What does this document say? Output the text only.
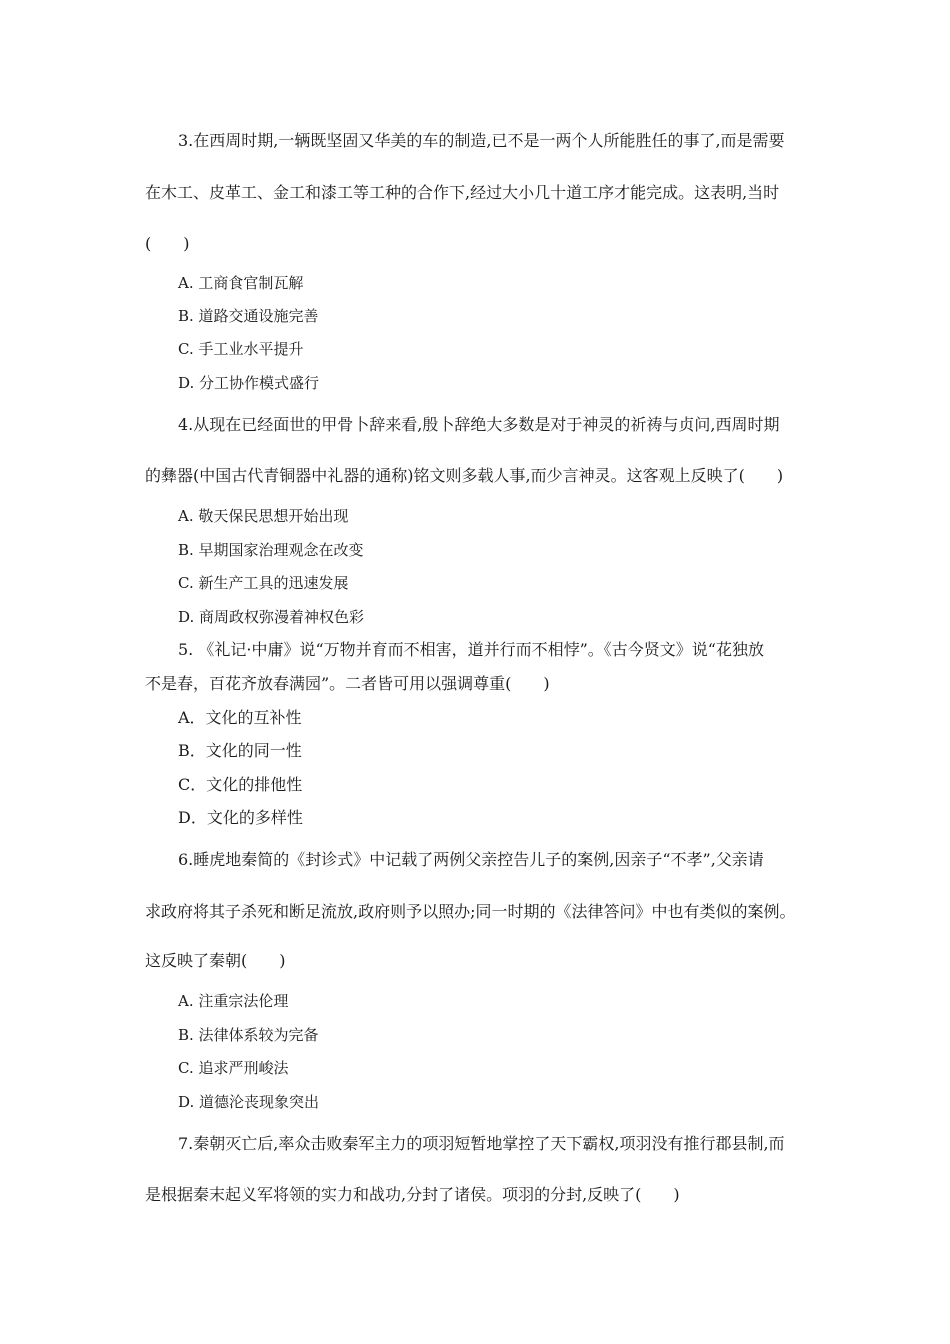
3.在西周时期,一辆既坚固又华美的车的制造,已不是一两个人所能胜任的事了,而是需要
在木工、皮革工、金工和漆工等工种的合作下,经过大小几十道工序才能完成。这表明,当时
(　　)
A. 工商食官制瓦解
B. 道路交通设施完善
C. 手工业水平提升
D. 分工协作模式盛行
4.从现在已经面世的甲骨卜辞来看,殷卜辞绝大多数是对于神灵的祈祷与贞问,西周时期
的彝器(中国古代青铜器中礼器的通称)铭文则多载人事,而少言神灵。这客观上反映了(　　)
A. 敬天保民思想开始出现
B. 早期国家治理观念在改变
C. 新生产工具的迅速发展
D. 商周政权弥漫着神权色彩
5. 《礼记·中庸》说“万物并育而不相害，道并行而不相悖”。《古今贤文》说“花独放
不是春，百花齐放春满园”。二者皆可用以强调尊重(　　)
A．文化的互补性
B．文化的同一性
C．文化的排他性
D．文化的多样性
6.睡虎地秦简的《封诊式》中记载了两例父亲控告儿子的案例,因亲子“不孝”,父亲请
求政府将其子杀死和断足流放,政府则予以照办;同一时期的《法律答问》中也有类似的案例。
这反映了秦朝(　　)
A. 注重宗法伦理
B. 法律体系较为完备
C. 追求严刑峻法
D. 道德沦丧现象突出
7.秦朝灭亡后,率众击败秦军主力的项羽短暂地掌控了天下霸权,项羽没有推行郡县制,而
是根据秦末起义军将领的实力和战功,分封了诸侯。项羽的分封,反映了(　　)
